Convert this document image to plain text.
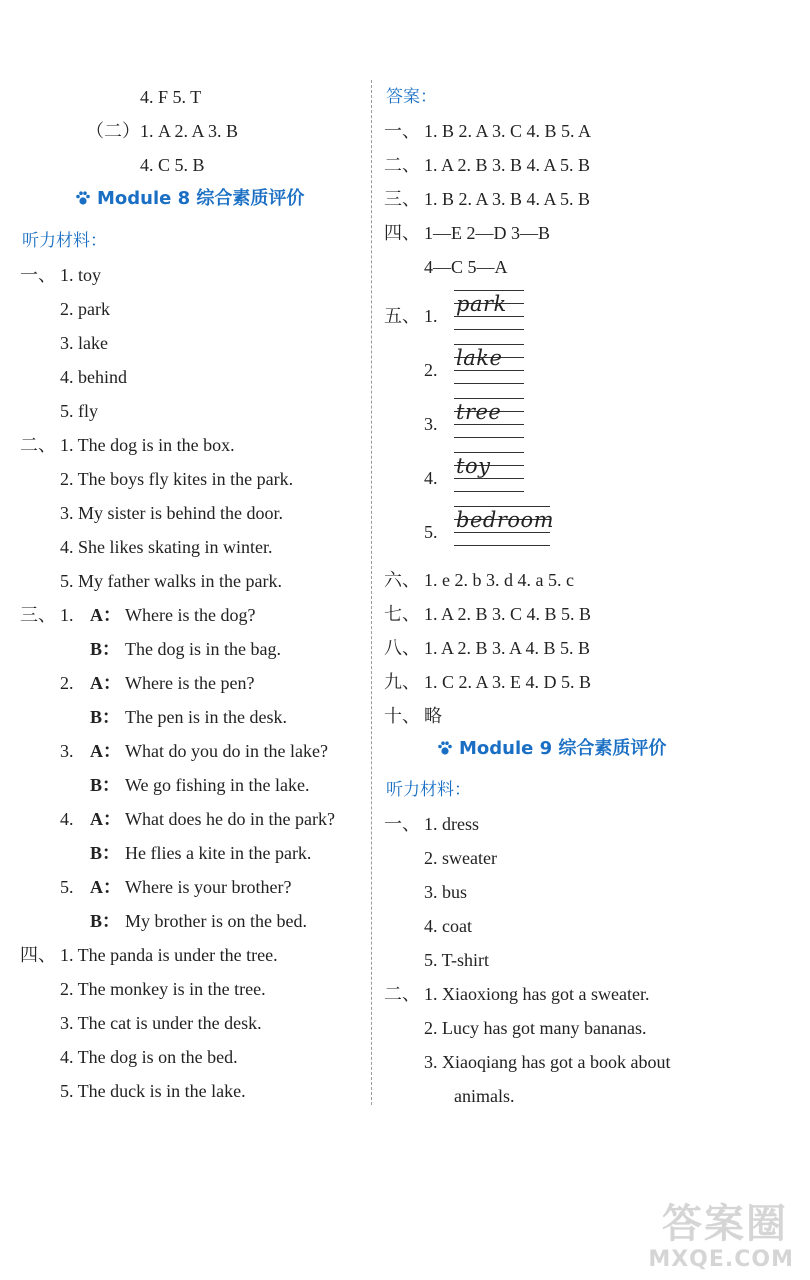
4. F 5. T
（二）1. A 2. A 3. B
4. C 5. B
Module 8 综合素质评价
听力材料：
一、 1. toy
2. park
3. lake
4. behind
5. fly
二、 1. The dog is in the box.
2. The boys fly kites in the park.
3. My sister is behind the door.
4. She likes skating in winter.
5. My father walks in the park.
三、 1. A： Where is the dog?
B： The dog is in the bag.
2. A： Where is the pen?
B： The pen is in the desk.
3. A： What do you do in the lake?
B： We go fishing in the lake.
4. A： What does he do in the park?
B： He flies a kite in the park.
5. A： Where is your brother?
B： My brother is on the bed.
四、 1. The panda is under the tree.
2. The monkey is in the tree.
3. The cat is under the desk.
4. The dog is on the bed.
5. The duck is in the lake.
答案：
一、 1. B 2. A 3. C 4. B 5. A
二、 1. A 2. B 3. B 4. A 5. B
三、 1. B 2. A 3. B 4. A 5. B
四、 1—E 2—D 3—B
4—C 5—A
五、 1. park
2. lake
3. tree
4. toy
5. bedroom
六、 1. e 2. b 3. d 4. a 5. c
七、 1. A 2. B 3. C 4. B 5. B
八、 1. A 2. B 3. A 4. B 5. B
九、 1. C 2. A 3. E 4. D 5. B
十、 略
Module 9 综合素质评价
听力材料：
一、 1. dress
2. sweater
3. bus
4. coat
5. T-shirt
二、 1. Xiaoxiong has got a sweater.
2. Lucy has got many bananas.
3. Xiaoqiang has got a book about
animals.
答案圈
MXQE.COM
